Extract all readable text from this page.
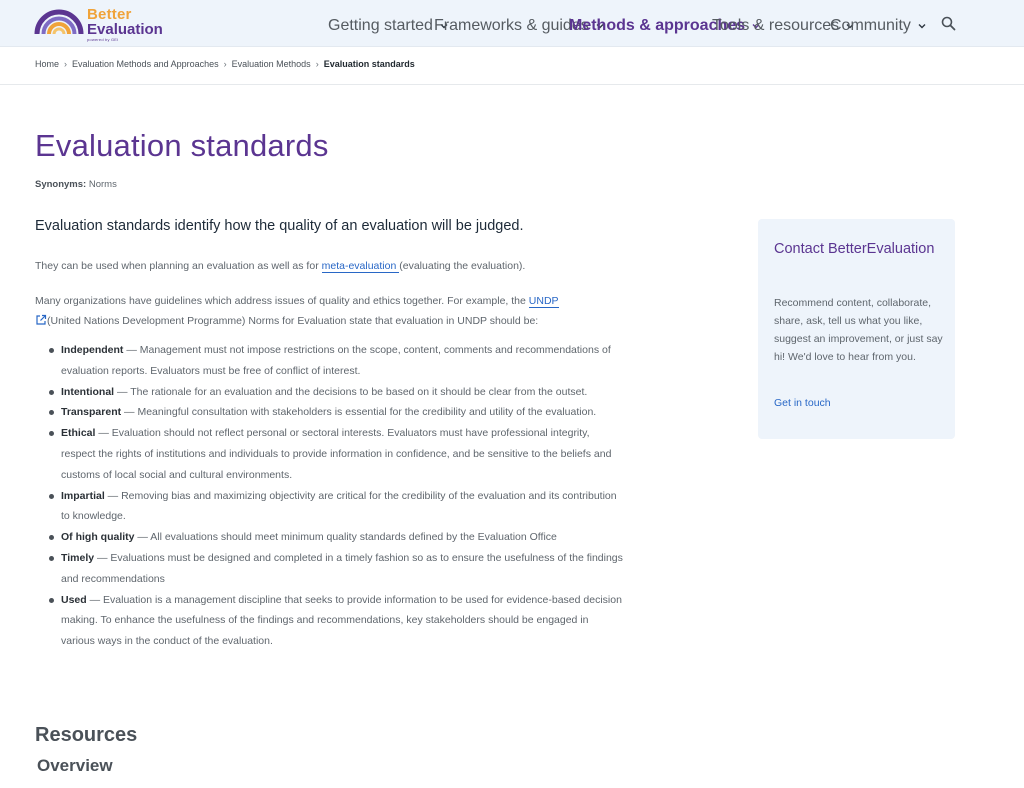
Better
Evaluation
powered by GEI
Getting started Frameworks & guides
Methods & approaches
Tools & resources
Community
Home › Evaluation Methods and Approaches › Evaluation Methods › Evaluation standards
Evaluation standards
Synonyms: Norms
Evaluation standards identify how the quality of an evaluation will be judged.
They can be used when planning an evaluation as well as for meta-evaluation (evaluating the evaluation).
Many organizations have guidelines which address issues of quality and ethics together. For example, the UNDP
(United Nations Development Programme) Norms for Evaluation state that evaluation in UNDP should be:
Independent — Management must not impose restrictions on the scope, content, comments and recommendations of evaluation reports. Evaluators must be free of conflict of interest.
Intentional — The rationale for an evaluation and the decisions to be based on it should be clear from the outset.
Transparent — Meaningful consultation with stakeholders is essential for the credibility and utility of the evaluation.
Ethical — Evaluation should not reflect personal or sectoral interests. Evaluators must have professional integrity, respect the rights of institutions and individuals to provide information in confidence, and be sensitive to the beliefs and customs of local social and cultural environments.
Impartial — Removing bias and maximizing objectivity are critical for the credibility of the evaluation and its contribution to knowledge.
Of high quality — All evaluations should meet minimum quality standards defined by the Evaluation Office
Timely — Evaluations must be designed and completed in a timely fashion so as to ensure the usefulness of the findings and recommendations
Used — Evaluation is a management discipline that seeks to provide information to be used for evidence-based decision making. To enhance the usefulness of the findings and recommendations, key stakeholders should be engaged in various ways in the conduct of the evaluation.
Resources
Overview
Contact BetterEvaluation
Recommend content, collaborate, share, ask, tell us what you like, suggest an improvement, or just say hi! We'd love to hear from you.
Get in touch
